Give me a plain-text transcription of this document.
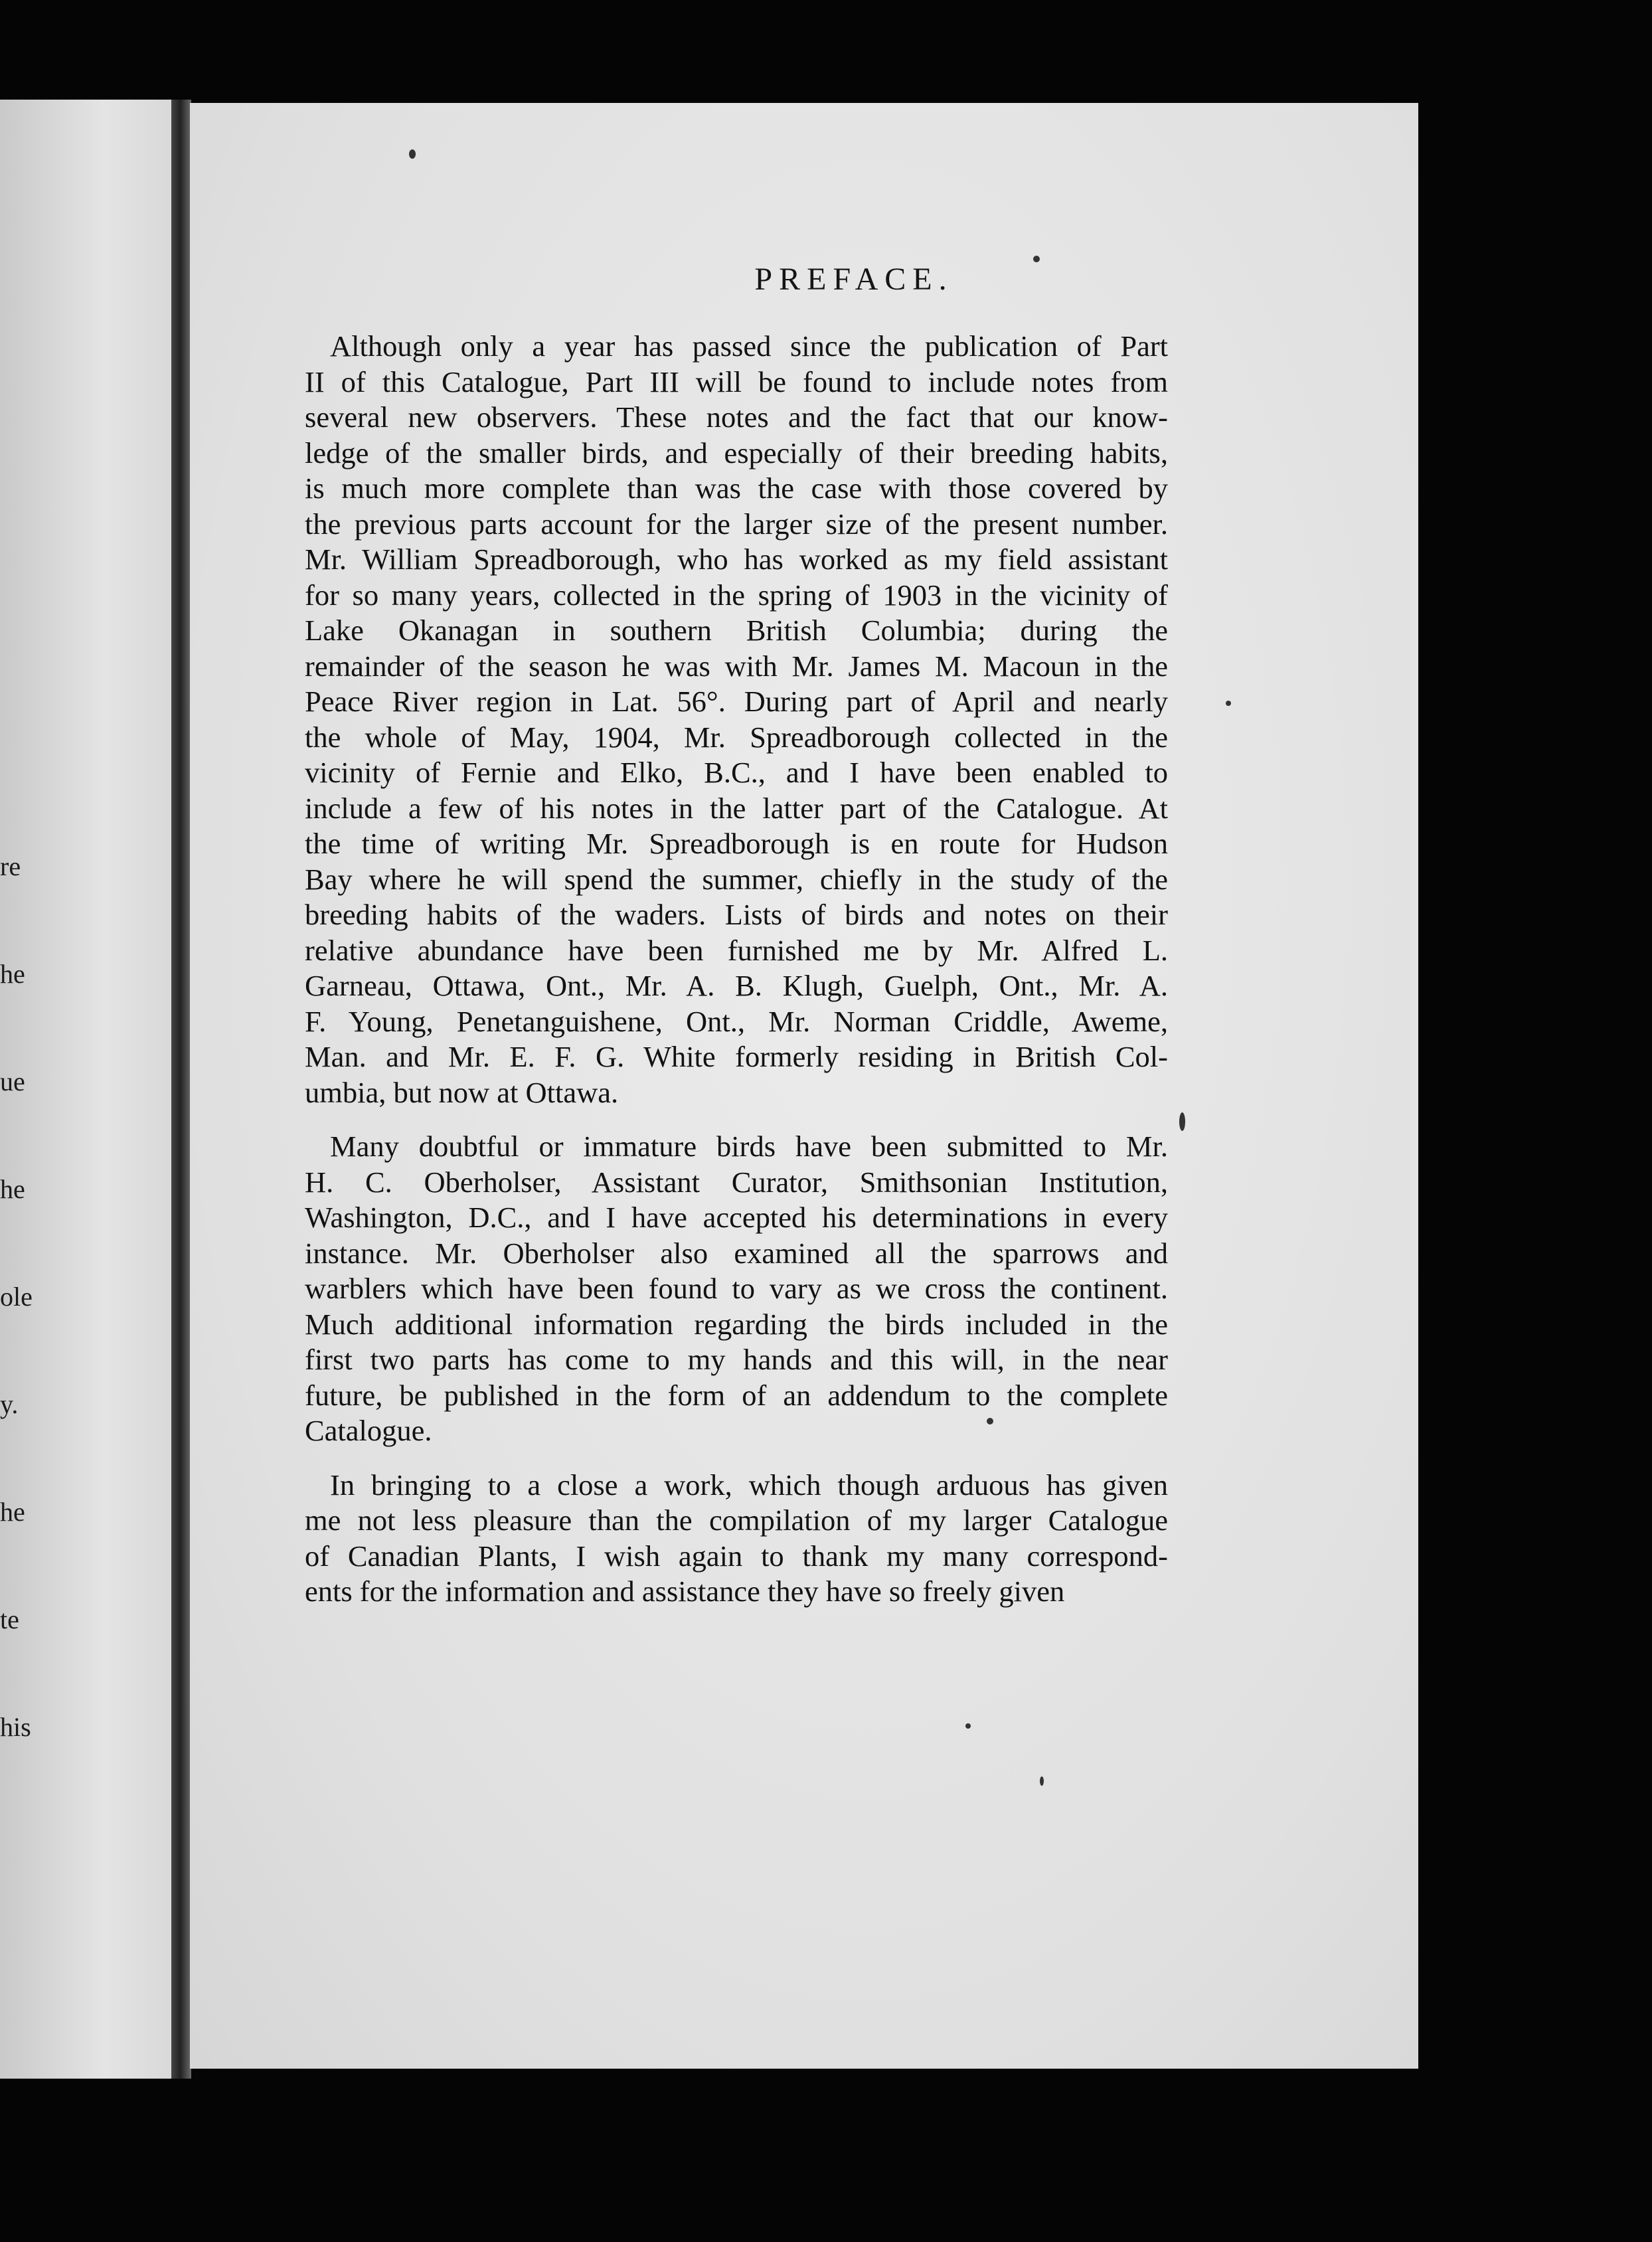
re

he

ue

he

ole

y.

he

te

his

PREFACE.
Although only a year has passed since the publication of Part
II of this Catalogue, Part III will be found to include notes from
several new observers. These notes and the fact that our know-
ledge of the smaller birds, and especially of their breeding habits,
is much more complete than was the case with those covered by
the previous parts account for the larger size of the present number.
Mr. William Spreadborough, who has worked as my field assistant
for so many years, collected in the spring of 1903 in the vicinity of
Lake Okanagan in southern British Columbia; during the
remainder of the season he was with Mr. James M. Macoun in the
Peace River region in Lat. 56°. During part of April and nearly
the whole of May, 1904, Mr. Spreadborough collected in the
vicinity of Fernie and Elko, B.C., and I have been enabled to
include a few of his notes in the latter part of the Catalogue. At
the time of writing Mr. Spreadborough is en route for Hudson
Bay where he will spend the summer, chiefly in the study of the
breeding habits of the waders. Lists of birds and notes on their
relative abundance have been furnished me by Mr. Alfred L.
Garneau, Ottawa, Ont., Mr. A. B. Klugh, Guelph, Ont., Mr. A.
F. Young, Penetanguishene, Ont., Mr. Norman Criddle, Aweme,
Man. and Mr. E. F. G. White formerly residing in British Col-
umbia, but now at Ottawa.
Many doubtful or immature birds have been submitted to Mr.
H. C. Oberholser, Assistant Curator, Smithsonian Institution,
Washington, D.C., and I have accepted his determinations in every
instance. Mr. Oberholser also examined all the sparrows and
warblers which have been found to vary as we cross the continent.
Much additional information regarding the birds included in the
first two parts has come to my hands and this will, in the near
future, be published in the form of an addendum to the complete
Catalogue.
In bringing to a close a work, which though arduous has given
me not less pleasure than the compilation of my larger Catalogue
of Canadian Plants, I wish again to thank my many correspond-
ents for the information and assistance they have so freely given
